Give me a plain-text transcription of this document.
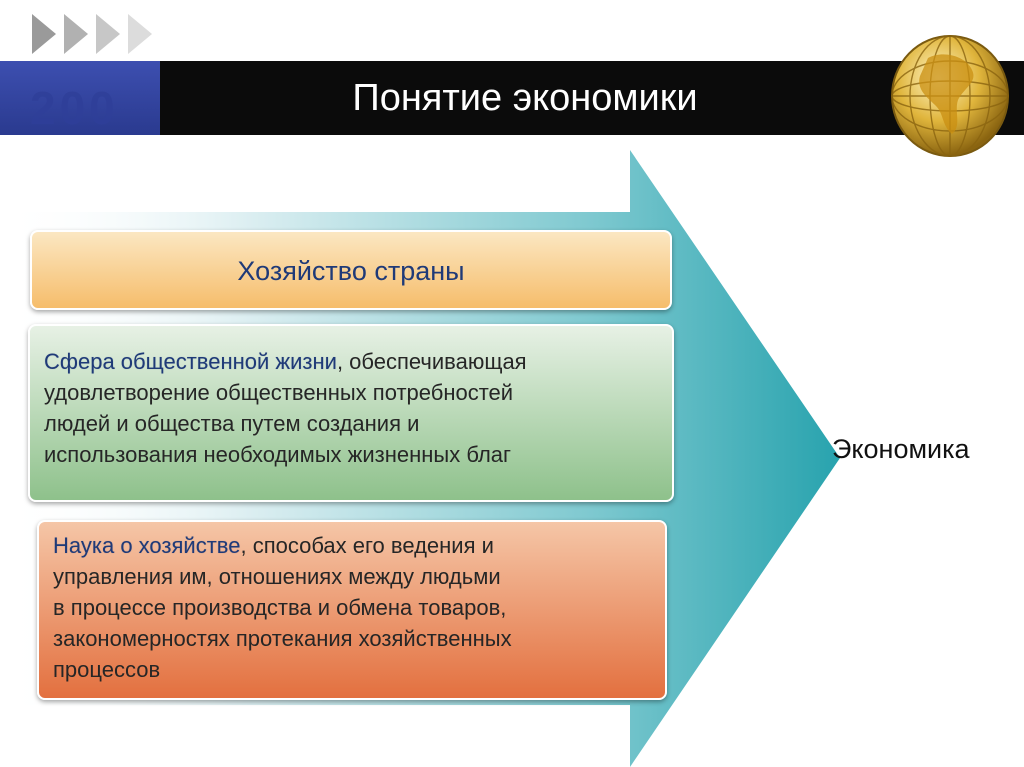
200	Понятие экономики
Хозяйство страны
Сфера общественной жизни, обеспечивающая
удовлетворение общественных потребностей
людей и общества путем создания и
использования необходимых жизненных благ
Наука о хозяйстве, способах его ведения и
управления им, отношениях между людьми
в процессе производства и обмена товаров,
закономерностях протекания хозяйственных
процессов
Экономика
